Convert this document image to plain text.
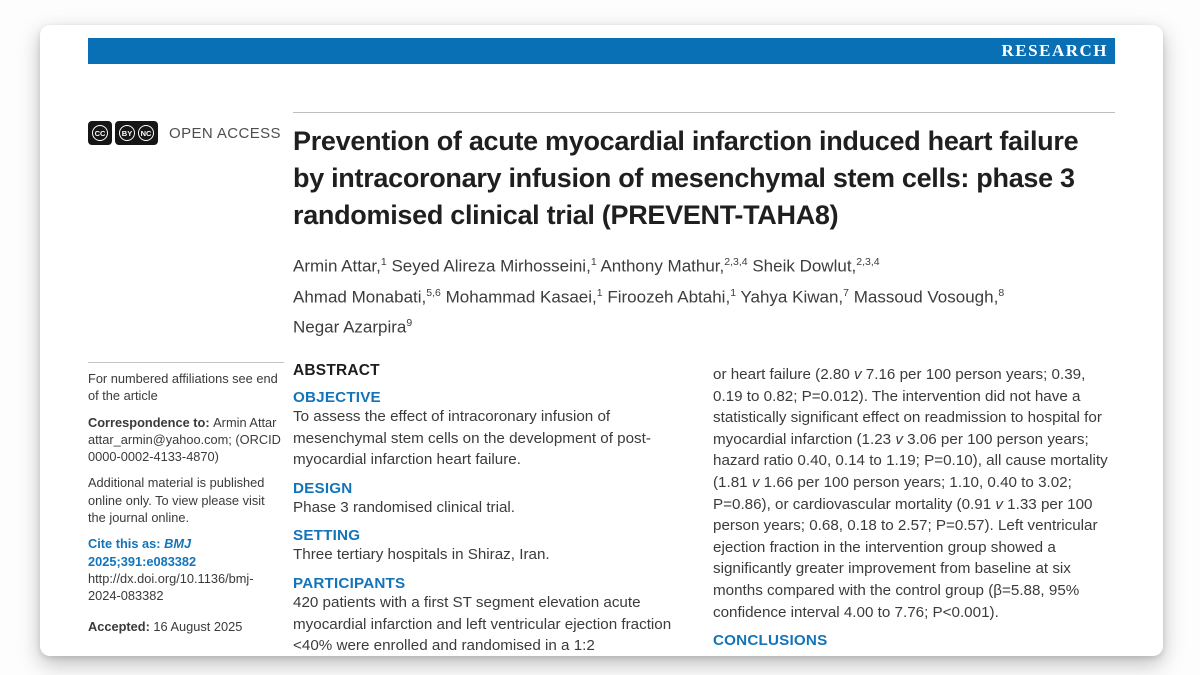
RESEARCH
CC	BY	NC OPEN ACCESS Prevention of acute myocardial infarction induced heart failure by intracoronary infusion of mesenchymal stem cells: phase 3 randomised clinical trial (PREVENT-TAHA8)
Armin Attar,$^1$ Seyed Alireza Mirhosseini,$^1$ Anthony Mathur,$^{2,3,4}$ Sheik Dowlut,$^{2,3,4}$
Ahmad Monabati,$^{5,6}$ Mohammad Kasaei,$^1$ Firoozeh Abtahi,$^1$ Yahya Kiwan,$^7$ Massoud Vosough,$^8$
Negar Azarpira$^9$

For numbered affiliations see end of the article

Correspondence to: Armin Attar attar_armin@yahoo.com; (ORCID 0000-0002-4133-4870)

Additional material is published online only. To view please visit the journal online.

Cite this as: BMJ 2025;391:e083382

http://dx.doi.org/10.1136/bmj-2024-083382

Accepted: 16 August 2025

ABSTRACT
OBJECTIVE

To assess the effect of intracoronary infusion of mesenchymal stem cells on the development of post-myocardial infarction heart failure.

DESIGN

Phase 3 randomised clinical trial.

SETTING

Three tertiary hospitals in Shiraz, Iran.

PARTICIPANTS

420 patients with a first ST segment elevation acute myocardial infarction and left ventricular ejection fraction <40% were enrolled and randomised in a 1:2

or heart failure (2.80 v 7.16 per 100 person years; 0.39, 0.19 to 0.82; P=0.012). The intervention did not have a statistically significant effect on readmission to hospital for myocardial infarction (1.23 v 3.06 per 100 person years; hazard ratio 0.40, 0.14 to 1.19; P=0.10), all cause mortality (1.81 v 1.66 per 100 person years; 1.10, 0.40 to 3.02; P=0.86), or cardiovascular mortality (0.91 v 1.33 per 100 person years; 0.68, 0.18 to 2.57; P=0.57). Left ventricular ejection fraction in the intervention group showed a significantly greater improvement from baseline at six months compared with the control group (β=5.88, 95% confidence interval 4.00 to 7.76; P<0.001).

CONCLUSIONS
